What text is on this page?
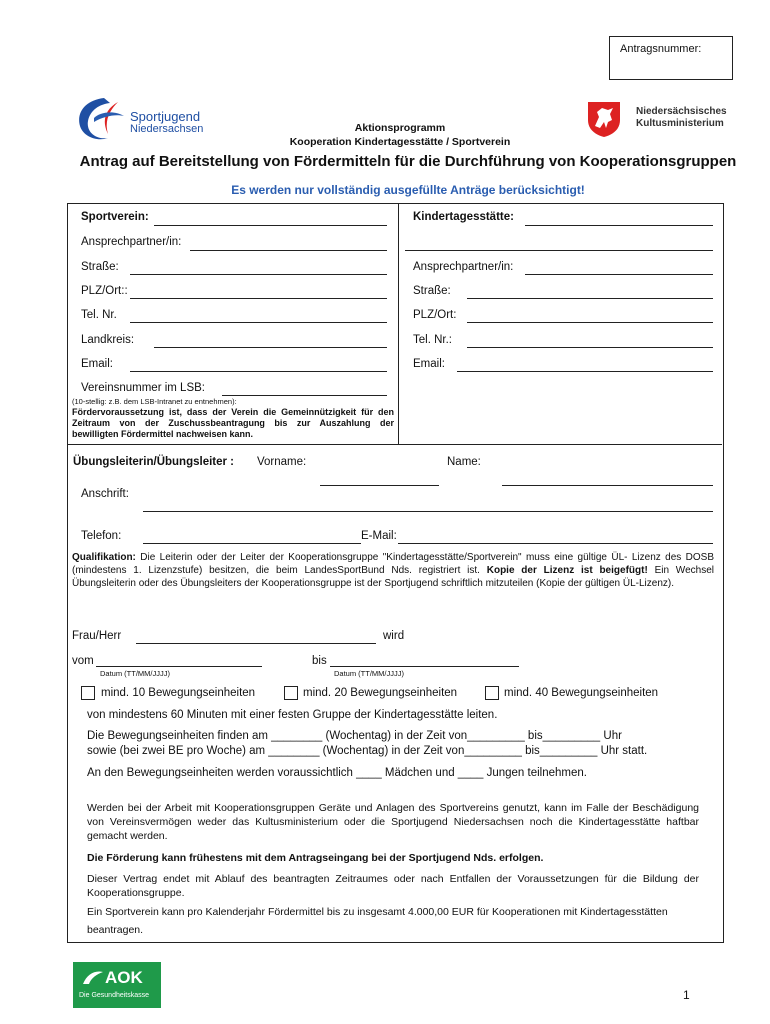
Antragsnummer:
Sportjugend
Niedersachsen
Niedersächsisches
Kultusministerium
Aktionsprogramm
Kooperation Kindertagesstätte / Sportverein
Antrag auf Bereitstellung von Fördermitteln für die Durchführung von Kooperationsgruppen
Es werden nur vollständig ausgefüllte Anträge berücksichtigt!
Sportverein:
Ansprechpartner/in:
Straße:
PLZ/Ort::
Tel. Nr.
Landkreis:
Email:
Vereinsnummer im LSB:
(10-stellig: z.B. dem LSB-Intranet zu entnehmen):
Fördervoraussetzung ist, dass der Verein die Gemeinnützigkeit für den Zeitraum von der Zuschussbeantragung bis zur Auszahlung der bewilligten Fördermittel nachweisen kann.
Kindertagesstätte:
Ansprechpartner/in:
Straße:
PLZ/Ort:
Tel. Nr.:
Email:
Übungsleiterin/Übungsleiter : Vorname:	Name:
Anschrift:
Telefon:	E-Mail:
Qualifikation: Die Leiterin oder der Leiter der Kooperationsgruppe "Kindertagesstätte/Sportverein" muss eine gültige ÜL- Lizenz des DOSB (mindestens 1. Lizenzstufe) besitzen, die beim LandesSportBund Nds. registriert ist. Kopie der Lizenz ist beigefügt! Ein Wechsel Übungsleiterin oder des Übungsleiters der Kooperationsgruppe ist der Sportjugend schriftlich mitzuteilen (Kopie der gültigen ÜL-Lizenz).
Frau/Herr	wird
vom
Datum (TT/MM/JJJJ)
bis
Datum (TT/MM/JJJJ)
mind. 10 Bewegungseinheiten	mind. 20 Bewegungseinheiten	mind. 40 Bewegungseinheiten
von mindestens 60 Minuten mit einer festen Gruppe der Kindertagesstätte leiten.
Die Bewegungseinheiten finden am ________ (Wochentag) in der Zeit von_________ bis_________ Uhr
sowie (bei zwei BE pro Woche) am ________ (Wochentag) in der Zeit von_________ bis_________ Uhr statt.
An den Bewegungseinheiten werden voraussichtlich ____ Mädchen und ____ Jungen teilnehmen.
Werden bei der Arbeit mit Kooperationsgruppen Geräte und Anlagen des Sportvereins genutzt, kann im Falle der Beschädigung von Vereinsvermögen weder das Kultusministerium oder die Sportjugend Niedersachsen noch die Kindertagesstätte haftbar gemacht werden.
Die Förderung kann frühestens mit dem Antragseingang bei der Sportjugend Nds. erfolgen.
Dieser Vertrag endet mit Ablauf des beantragten Zeitraumes oder nach Entfallen der Voraussetzungen für die Bildung der Kooperationsgruppe.
Ein Sportverein kann pro Kalenderjahr Fördermittel bis zu insgesamt 4.000,00 EUR für Kooperationen mit Kindertagesstätten beantragen.
AOK
Die Gesundheitskasse	1
